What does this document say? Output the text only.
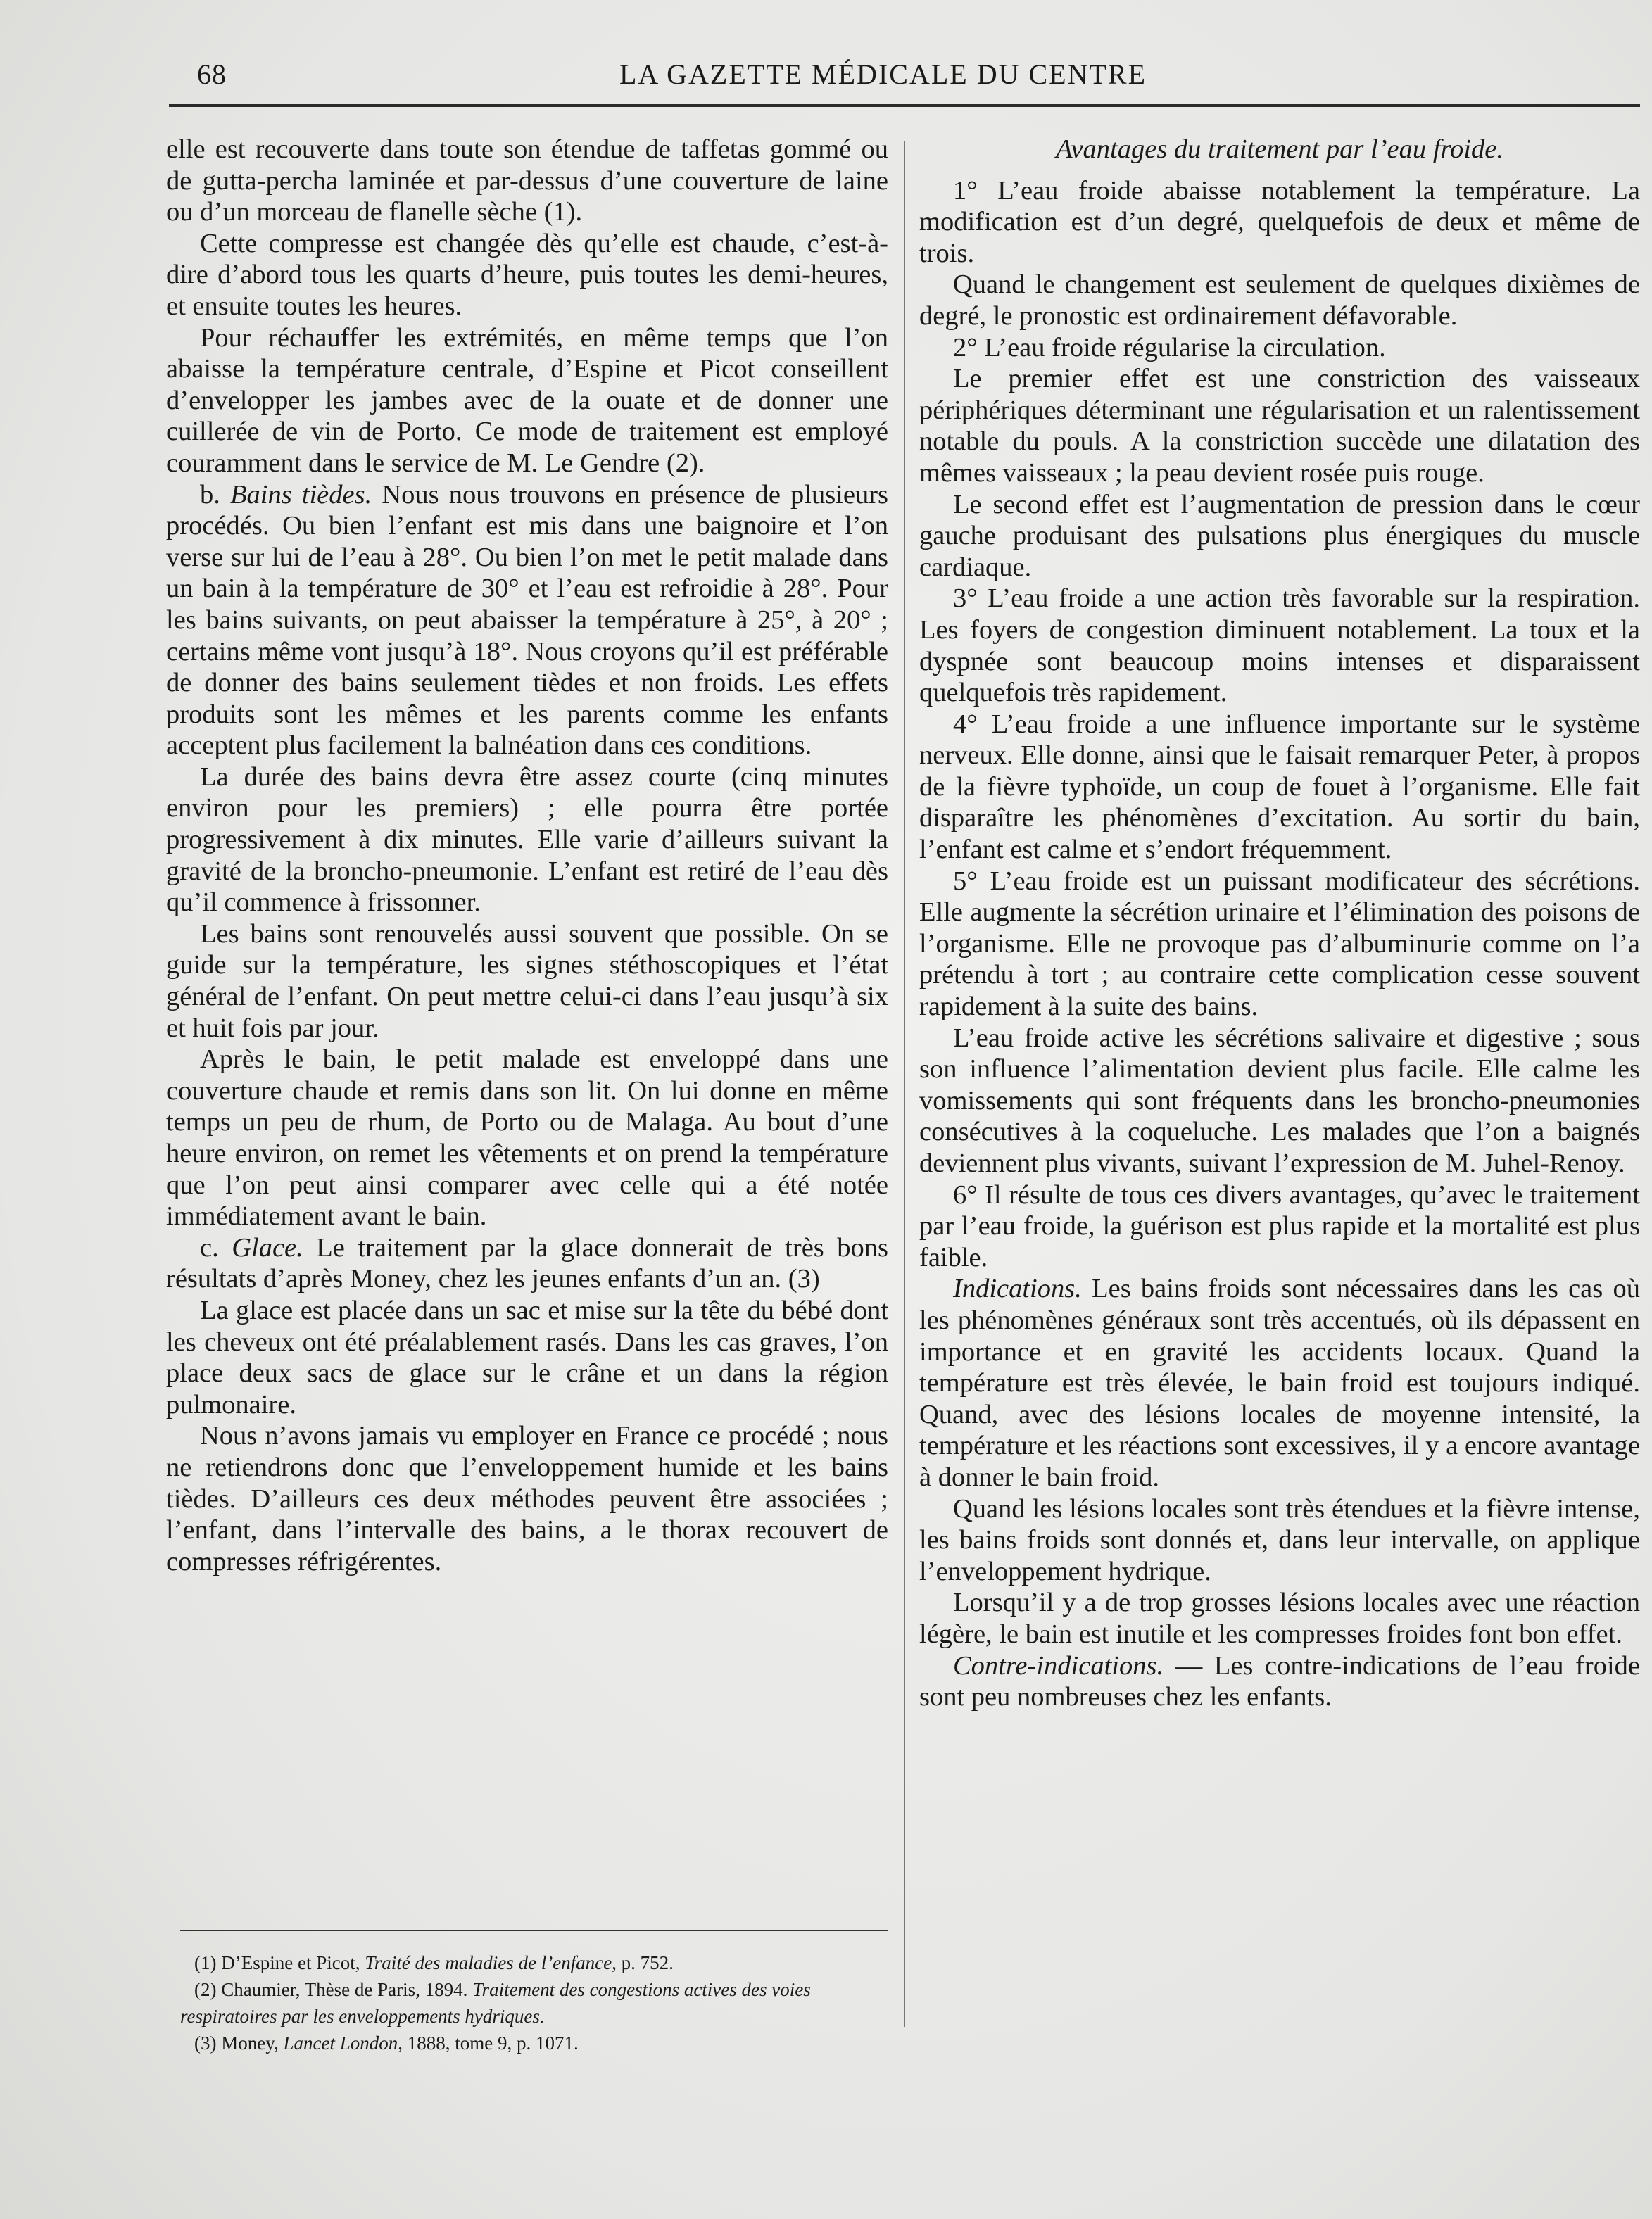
68	LA GAZETTE MÉDICALE DU CENTRE

elle est recouverte dans toute son étendue de taffetas gommé ou de gutta-percha laminée et par-dessus d’une couverture de laine ou d’un morceau de flanelle sèche (1).

Cette compresse est changée dès qu’elle est chaude, c’est-à-dire d’abord tous les quarts d’heure, puis toutes les demi-heures, et ensuite toutes les heures.

Pour réchauffer les extrémités, en même temps que l’on abaisse la température centrale, d’Espine et Picot conseillent d’envelopper les jambes avec de la ouate et de donner une cuillerée de vin de Porto. Ce mode de traitement est employé couramment dans le service de M. Le Gendre (2).

b. Bains tièdes. Nous nous trouvons en présence de plusieurs procédés. Ou bien l’enfant est mis dans une baignoire et l’on verse sur lui de l’eau à 28°. Ou bien l’on met le petit malade dans un bain à la température de 30° et l’eau est refroidie à 28°. Pour les bains suivants, on peut abaisser la température à 25°, à 20° ; certains même vont jusqu’à 18°. Nous croyons qu’il est préférable de donner des bains seulement tièdes et non froids. Les effets produits sont les mêmes et les parents comme les enfants acceptent plus facilement la balnéation dans ces conditions.

La durée des bains devra être assez courte (cinq minutes environ pour les premiers) ; elle pourra être portée progressivement à dix minutes. Elle varie d’ailleurs suivant la gravité de la broncho-pneumonie. L’enfant est retiré de l’eau dès qu’il commence à frissonner.

Les bains sont renouvelés aussi souvent que possible. On se guide sur la température, les signes stéthoscopiques et l’état général de l’enfant. On peut mettre celui-ci dans l’eau jusqu’à six et huit fois par jour.

Après le bain, le petit malade est enveloppé dans une couverture chaude et remis dans son lit. On lui donne en même temps un peu de rhum, de Porto ou de Malaga. Au bout d’une heure environ, on remet les vêtements et on prend la température que l’on peut ainsi comparer avec celle qui a été notée immédiatement avant le bain.

c. Glace. Le traitement par la glace donnerait de très bons résultats d’après Money, chez les jeunes enfants d’un an. (3)

La glace est placée dans un sac et mise sur la tête du bébé dont les cheveux ont été préalablement rasés. Dans les cas graves, l’on place deux sacs de glace sur le crâne et un dans la région pulmonaire.

Nous n’avons jamais vu employer en France ce procédé ; nous ne retiendrons donc que l’enveloppement humide et les bains tièdes. D’ailleurs ces deux méthodes peuvent être associées ; l’enfant, dans l’intervalle des bains, a le thorax recouvert de compresses réfrigérentes.

Avantages du traitement par l’eau froide.

1° L’eau froide abaisse notablement la température. La modification est d’un degré, quelquefois de deux et même de trois.

Quand le changement est seulement de quelques dixièmes de degré, le pronostic est ordinairement défavorable.

2° L’eau froide régularise la circulation.

Le premier effet est une constriction des vaisseaux périphériques déterminant une régularisation et un ralentissement notable du pouls. A la constriction succède une dilatation des mêmes vaisseaux ; la peau devient rosée puis rouge.

Le second effet est l’augmentation de pression dans le cœur gauche produisant des pulsations plus énergiques du muscle cardiaque.

3° L’eau froide a une action très favorable sur la respiration. Les foyers de congestion diminuent notablement. La toux et la dyspnée sont beaucoup moins intenses et disparaissent quelquefois très rapidement.

4° L’eau froide a une influence importante sur le système nerveux. Elle donne, ainsi que le faisait remarquer Peter, à propos de la fièvre typhoïde, un coup de fouet à l’organisme. Elle fait disparaître les phénomènes d’excitation. Au sortir du bain, l’enfant est calme et s’endort fréquemment.

5° L’eau froide est un puissant modificateur des sécrétions. Elle augmente la sécrétion urinaire et l’élimination des poisons de l’organisme. Elle ne provoque pas d’albuminurie comme on l’a prétendu à tort ; au contraire cette complication cesse souvent rapidement à la suite des bains.

L’eau froide active les sécrétions salivaire et digestive ; sous son influence l’alimentation devient plus facile. Elle calme les vomissements qui sont fréquents dans les broncho-pneumonies consécutives à la coqueluche. Les malades que l’on a baignés deviennent plus vivants, suivant l’expression de M. Juhel-Renoy.

6° Il résulte de tous ces divers avantages, qu’avec le traitement par l’eau froide, la guérison est plus rapide et la mortalité est plus faible.

Indications. Les bains froids sont nécessaires dans les cas où les phénomènes généraux sont très accentués, où ils dépassent en importance et en gravité les accidents locaux. Quand la température est très élevée, le bain froid est toujours indiqué. Quand, avec des lésions locales de moyenne intensité, la température et les réactions sont excessives, il y a encore avantage à donner le bain froid.

Quand les lésions locales sont très étendues et la fièvre intense, les bains froids sont donnés et, dans leur intervalle, on applique l’enveloppement hydrique.

Lorsqu’il y a de trop grosses lésions locales avec une réaction légère, le bain est inutile et les compresses froides font bon effet.

Contre-indications. — Les contre-indications de l’eau froide sont peu nombreuses chez les enfants.

(1) D’Espine et Picot, Traité des maladies de l’enfance, p. 752.

(2) Chaumier, Thèse de Paris, 1894. Traitement des congestions actives des voies respiratoires par les enveloppements hydriques.

(3) Money, Lancet London, 1888, tome 9, p. 1071.
